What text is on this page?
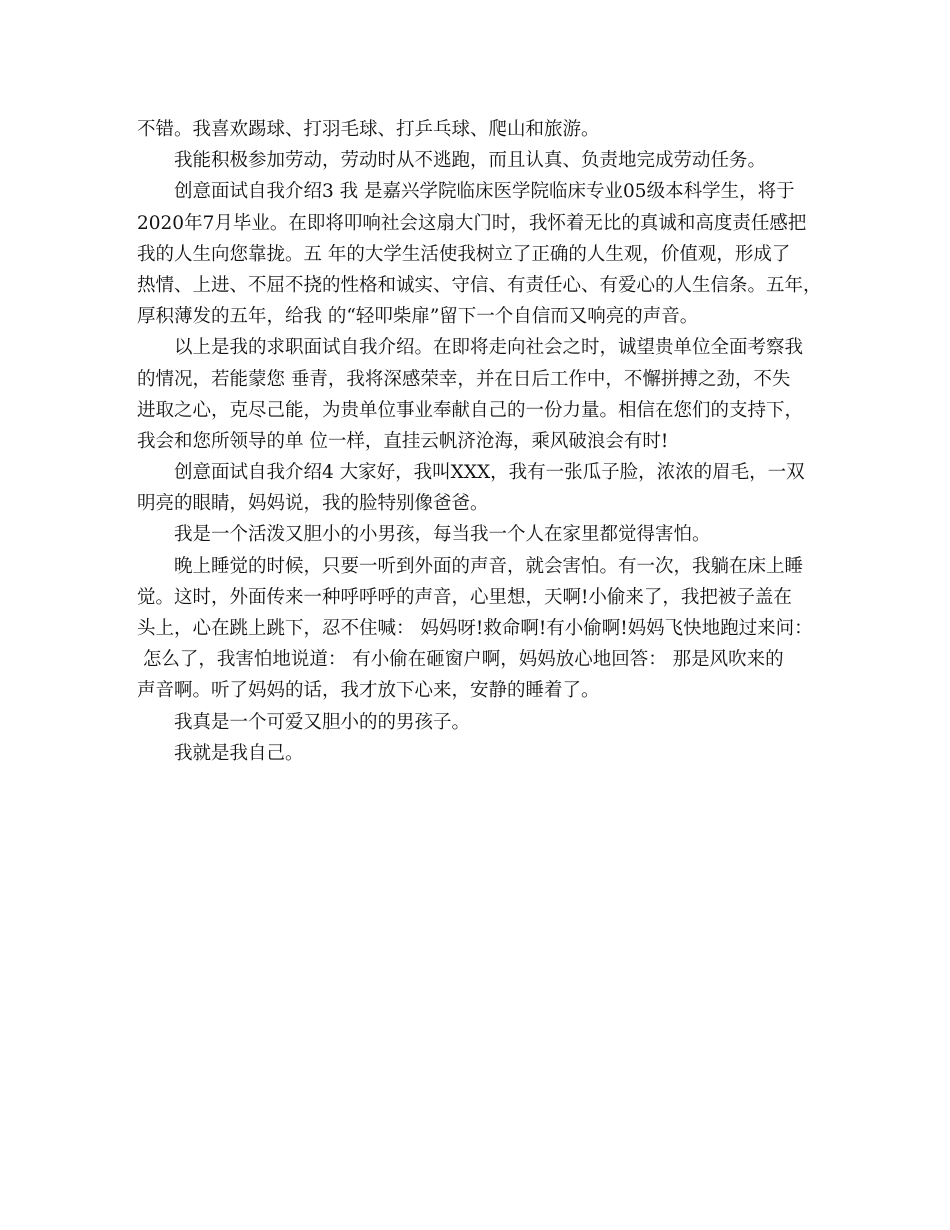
不错。我喜欢踢球、打羽毛球、打乒乓球、爬山和旅游。
我能积极参加劳动，劳动时从不逃跑，而且认真、负责地完成劳动任务。
创意面试自我介绍3 我 是嘉兴学院临床医学院临床专业05级本科学生，将于
2020年7月毕业。在即将叩响社会这扇大门时，我怀着无比的真诚和高度责任感把
我的人生向您靠拢。五 年的大学生活使我树立了正确的人生观，价值观，形成了
热情、上进、不屈不挠的性格和诚实、守信、有责任心、有爱心的人生信条。五年，
厚积薄发的五年，给我 的“轻叩柴扉”留下一个自信而又响亮的声音。
以上是我的求职面试自我介绍。在即将走向社会之时，诚望贵单位全面考察我
的情况，若能蒙您 垂青，我将深感荣幸，并在日后工作中，不懈拼搏之劲，不失
进取之心，克尽己能，为贵单位事业奉献自己的一份力量。相信在您们的支持下，
我会和您所领导的单 位一样，直挂云帆济沧海，乘风破浪会有时!
创意面试自我介绍4 大家好，我叫XXX，我有一张瓜子脸，浓浓的眉毛，一双
明亮的眼睛，妈妈说，我的脸特别像爸爸。
我是一个活泼又胆小的小男孩，每当我一个人在家里都觉得害怕。
晚上睡觉的时候，只要一听到外面的声音，就会害怕。有一次，我躺在床上睡
觉。这时，外面传来一种呼呼呼的声音，心里想，天啊!小偷来了，我把被子盖在
头上，心在跳上跳下，忍不住喊： 妈妈呀!救命啊!有小偷啊!妈妈飞快地跑过来问：
怎么了，我害怕地说道： 有小偷在砸窗户啊，妈妈放心地回答： 那是风吹来的
声音啊。听了妈妈的话，我才放下心来，安静的睡着了。
我真是一个可爱又胆小的的男孩子。
我就是我自己。
